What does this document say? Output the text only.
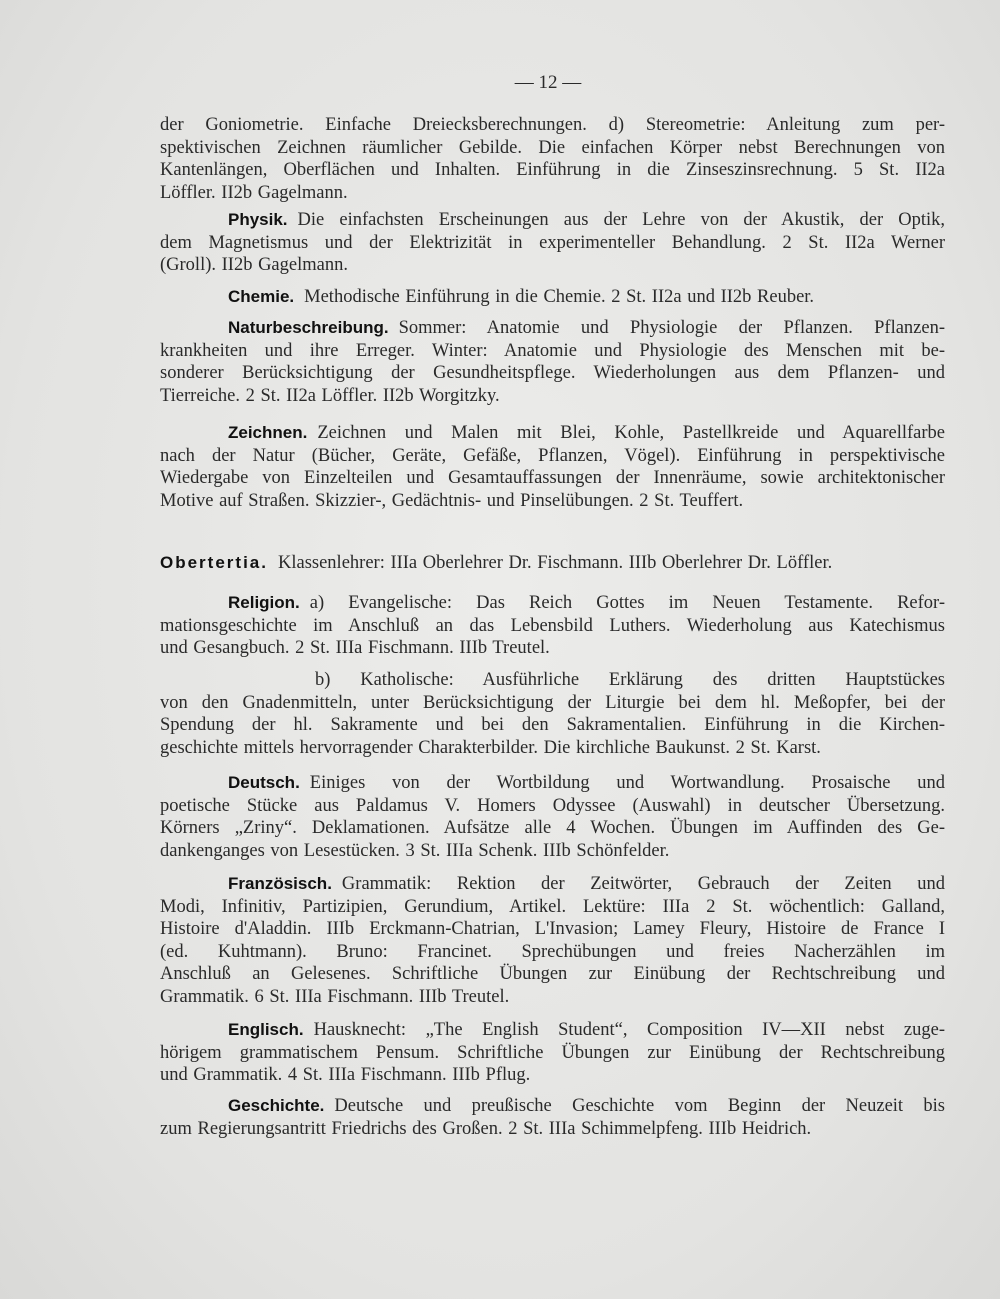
— 12 —
der Goniometrie. Einfache Dreiecksberechnungen. d) Stereometrie: Anleitung zum per-
spektivischen Zeichnen räumlicher Gebilde. Die einfachen Körper nebst Berechnungen von
Kantenlängen, Oberflächen und Inhalten. Einführung in die Zinseszinsrechnung. 5 St. II2a
Löffler. II2b Gagelmann.
Physik. Die einfachsten Erscheinungen aus der Lehre von der Akustik, der Optik,
dem Magnetismus und der Elektrizität in experimenteller Behandlung. 2 St. II2a Werner
(Groll). II2b Gagelmann.
Chemie. Methodische Einführung in die Chemie. 2 St. II2a und II2b Reuber.
Naturbeschreibung. Sommer: Anatomie und Physiologie der Pflanzen. Pflanzen-
krankheiten und ihre Erreger. Winter: Anatomie und Physiologie des Menschen mit be-
sonderer Berücksichtigung der Gesundheitspflege. Wiederholungen aus dem Pflanzen- und
Tierreiche. 2 St. II2a Löffler. II2b Worgitzky.
Zeichnen. Zeichnen und Malen mit Blei, Kohle, Pastellkreide und Aquarellfarbe
nach der Natur (Bücher, Geräte, Gefäße, Pflanzen, Vögel). Einführung in perspektivische
Wiedergabe von Einzelteilen und Gesamtauffassungen der Innenräume, sowie architektonischer
Motive auf Straßen. Skizzier-, Gedächtnis- und Pinselübungen. 2 St. Teuffert.
Obertertia. Klassenlehrer: IIIa Oberlehrer Dr. Fischmann. IIIb Oberlehrer Dr. Löffler.
Religion. a) Evangelische: Das Reich Gottes im Neuen Testamente. Refor-
mationsgeschichte im Anschluß an das Lebensbild Luthers. Wiederholung aus Katechismus
und Gesangbuch. 2 St. IIIa Fischmann. IIIb Treutel.
b) Katholische: Ausführliche Erklärung des dritten Hauptstückes
von den Gnadenmitteln, unter Berücksichtigung der Liturgie bei dem hl. Meßopfer, bei der
Spendung der hl. Sakramente und bei den Sakramentalien. Einführung in die Kirchen-
geschichte mittels hervorragender Charakterbilder. Die kirchliche Baukunst. 2 St. Karst.
Deutsch. Einiges von der Wortbildung und Wortwandlung. Prosaische und
poetische Stücke aus Paldamus V. Homers Odyssee (Auswahl) in deutscher Übersetzung.
Körners „Zriny“. Deklamationen. Aufsätze alle 4 Wochen. Übungen im Auffinden des Ge-
dankenganges von Lesestücken. 3 St. IIIa Schenk. IIIb Schönfelder.
Französisch. Grammatik: Rektion der Zeitwörter, Gebrauch der Zeiten und
Modi, Infinitiv, Partizipien, Gerundium, Artikel. Lektüre: IIIa 2 St. wöchentlich: Galland,
Histoire d'Aladdin. IIIb Erckmann-Chatrian, L'Invasion; Lamey Fleury, Histoire de France I
(ed. Kuhtmann). Bruno: Francinet. Sprechübungen und freies Nacherzählen im
Anschluß an Gelesenes. Schriftliche Übungen zur Einübung der Rechtschreibung und
Grammatik. 6 St. IIIa Fischmann. IIIb Treutel.
Englisch. Hausknecht: „The English Student“, Composition IV—XII nebst zuge-
hörigem grammatischem Pensum. Schriftliche Übungen zur Einübung der Rechtschreibung
und Grammatik. 4 St. IIIa Fischmann. IIIb Pflug.
Geschichte. Deutsche und preußische Geschichte vom Beginn der Neuzeit bis
zum Regierungsantritt Friedrichs des Großen. 2 St. IIIa Schimmelpfeng. IIIb Heidrich.
